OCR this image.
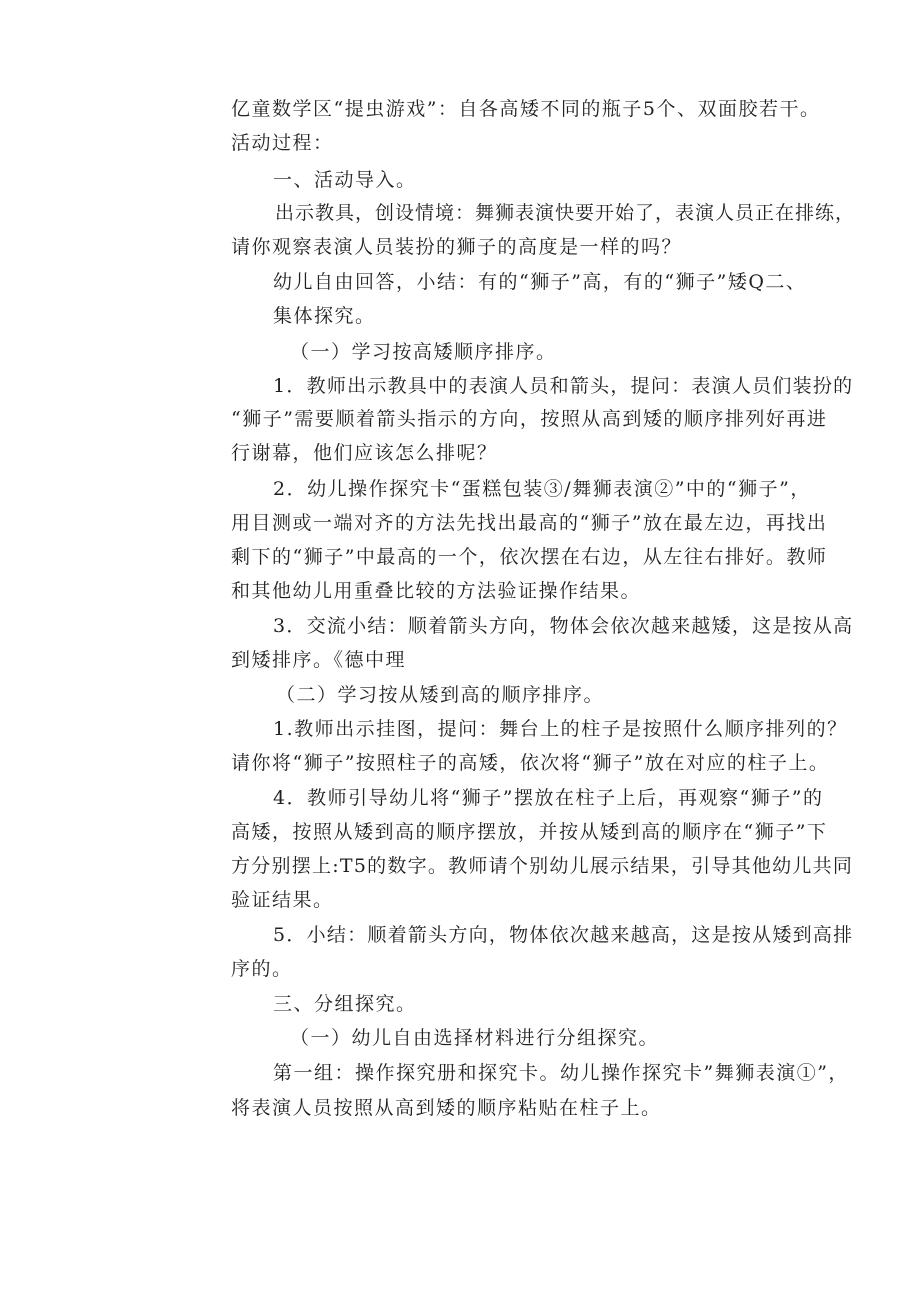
亿童数学区“提虫游戏”：自各高矮不同的瓶子5个、双面胶若干。

活动过程：

一、活动导入。

出示教具，创设情境：舞狮表演快要开始了，表演人员正在排练，

请你观察表演人员装扮的狮子的高度是一样的吗？

幼儿自由回答，小结：有的“狮子”高，有的“狮子”矮Q二、

集体探究。

（一）学习按高矮顺序排序。

1．教师出示教具中的表演人员和箭头，提问：表演人员们装扮的

“狮子”需要顺着箭头指示的方向，按照从高到矮的顺序排列好再进

行谢幕，他们应该怎么排呢？

2．幼儿操作探究卡“蛋糕包装③/舞狮表演②”中的“狮子”，

用目测或一端对齐的方法先找出最高的“狮子”放在最左边，再找出

剩下的“狮子”中最高的一个，依次摆在右边，从左往右排好。教师

和其他幼儿用重叠比较的方法验证操作结果。

3．交流小结：顺着箭头方向，物体会依次越来越矮，这是按从高

到矮排序。《德中理

（二）学习按从矮到高的顺序排序。

1.教师出示挂图，提问：舞台上的柱子是按照什么顺序排列的？

请你将“狮子”按照柱子的高矮，依次将“狮子”放在对应的柱子上。

4．教师引导幼儿将“狮子”摆放在柱子上后，再观察“狮子”的

高矮，按照从矮到高的顺序摆放，并按从矮到高的顺序在“狮子”下

方分别摆上:T5的数字。教师请个别幼儿展示结果，引导其他幼儿共同

验证结果。

5．小结：顺着箭头方向，物体依次越来越高，这是按从矮到高排

序的。

三、分组探究。

（一）幼儿自由选择材料进行分组探究。

第一组：操作探究册和探究卡。幼儿操作探究卡”舞狮表演①”，

将表演人员按照从高到矮的顺序粘贴在柱子上。
